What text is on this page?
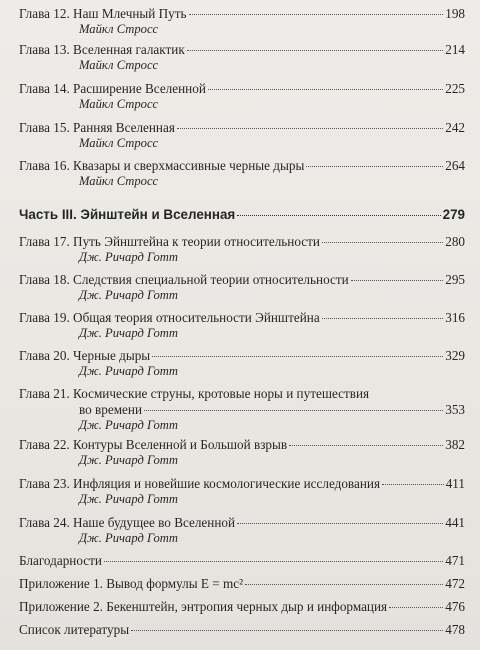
Глава 12. Наш Млечный Путь	198
Майкл Стросс
Глава 13. Вселенная галактик	214
Майкл Стросс
Глава 14. Расширение Вселенной	225
Майкл Стросс
Глава 15. Ранняя Вселенная	242
Майкл Стросс
Глава 16. Квазары и сверхмассивные черные дыры	264
Майкл Стросс
Часть III. Эйнштейн и Вселенная	279
Глава 17. Путь Эйнштейна к теории относительности	280
Дж. Ричард Готт
Глава 18. Следствия специальной теории относительности	295
Дж. Ричард Готт
Глава 19. Общая теория относительности Эйнштейна	316
Дж. Ричард Готт
Глава 20. Черные дыры	329
Дж. Ричард Готт
Глава 21. Космические струны, кротовые норы и путешествия
во времени	353
Дж. Ричард Готт
Глава 22. Контуры Вселенной и Большой взрыв	382
Дж. Ричард Готт
Глава 23. Инфляция и новейшие космологические исследования	411
Дж. Ричард Готт
Глава 24. Наше будущее во Вселенной	441
Дж. Ричард Готт
Благодарности	471
Приложение 1. Вывод формулы E = mc²	472
Приложение 2. Бекенштейн, энтропия черных дыр и информация	476
Список литературы	478
